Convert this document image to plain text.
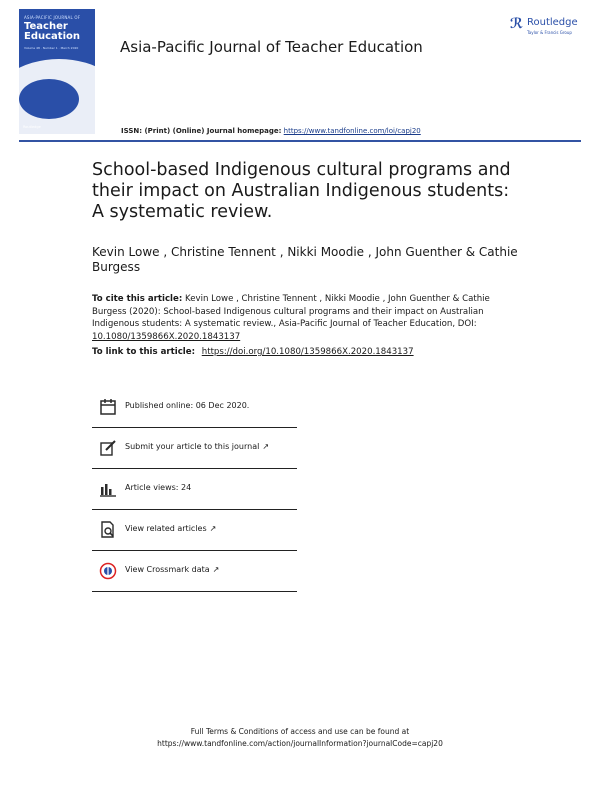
ASIA-PACIFIC JOURNAL OF
Teacher
Education
Volume 48 · Number 1 · March 2020
Routledge
Asia-Pacific Journal of Teacher Education
ISSN: (Print) (Online) Journal homepage: https://www.tandfonline.com/loi/capj20
ℛ Routledge
Taylor & Francis Group
School-based Indigenous cultural programs and their impact on Australian Indigenous students: A systematic review.
Kevin Lowe , Christine Tennent , Nikki Moodie , John Guenther & Cathie Burgess
To cite this article: Kevin Lowe , Christine Tennent , Nikki Moodie , John Guenther & Cathie Burgess (2020): School-based Indigenous cultural programs and their impact on Australian Indigenous students: A systematic review., Asia-Pacific Journal of Teacher Education, DOI: 10.1080/1359866X.2020.1843137
To link to this article: https://doi.org/10.1080/1359866X.2020.1843137
Published online: 06 Dec 2020.
Submit your article to this journal ↗
Article views: 24
View related articles ↗
View Crossmark data ↗
Full Terms & Conditions of access and use can be found at
https://www.tandfonline.com/action/journalInformation?journalCode=capj20
